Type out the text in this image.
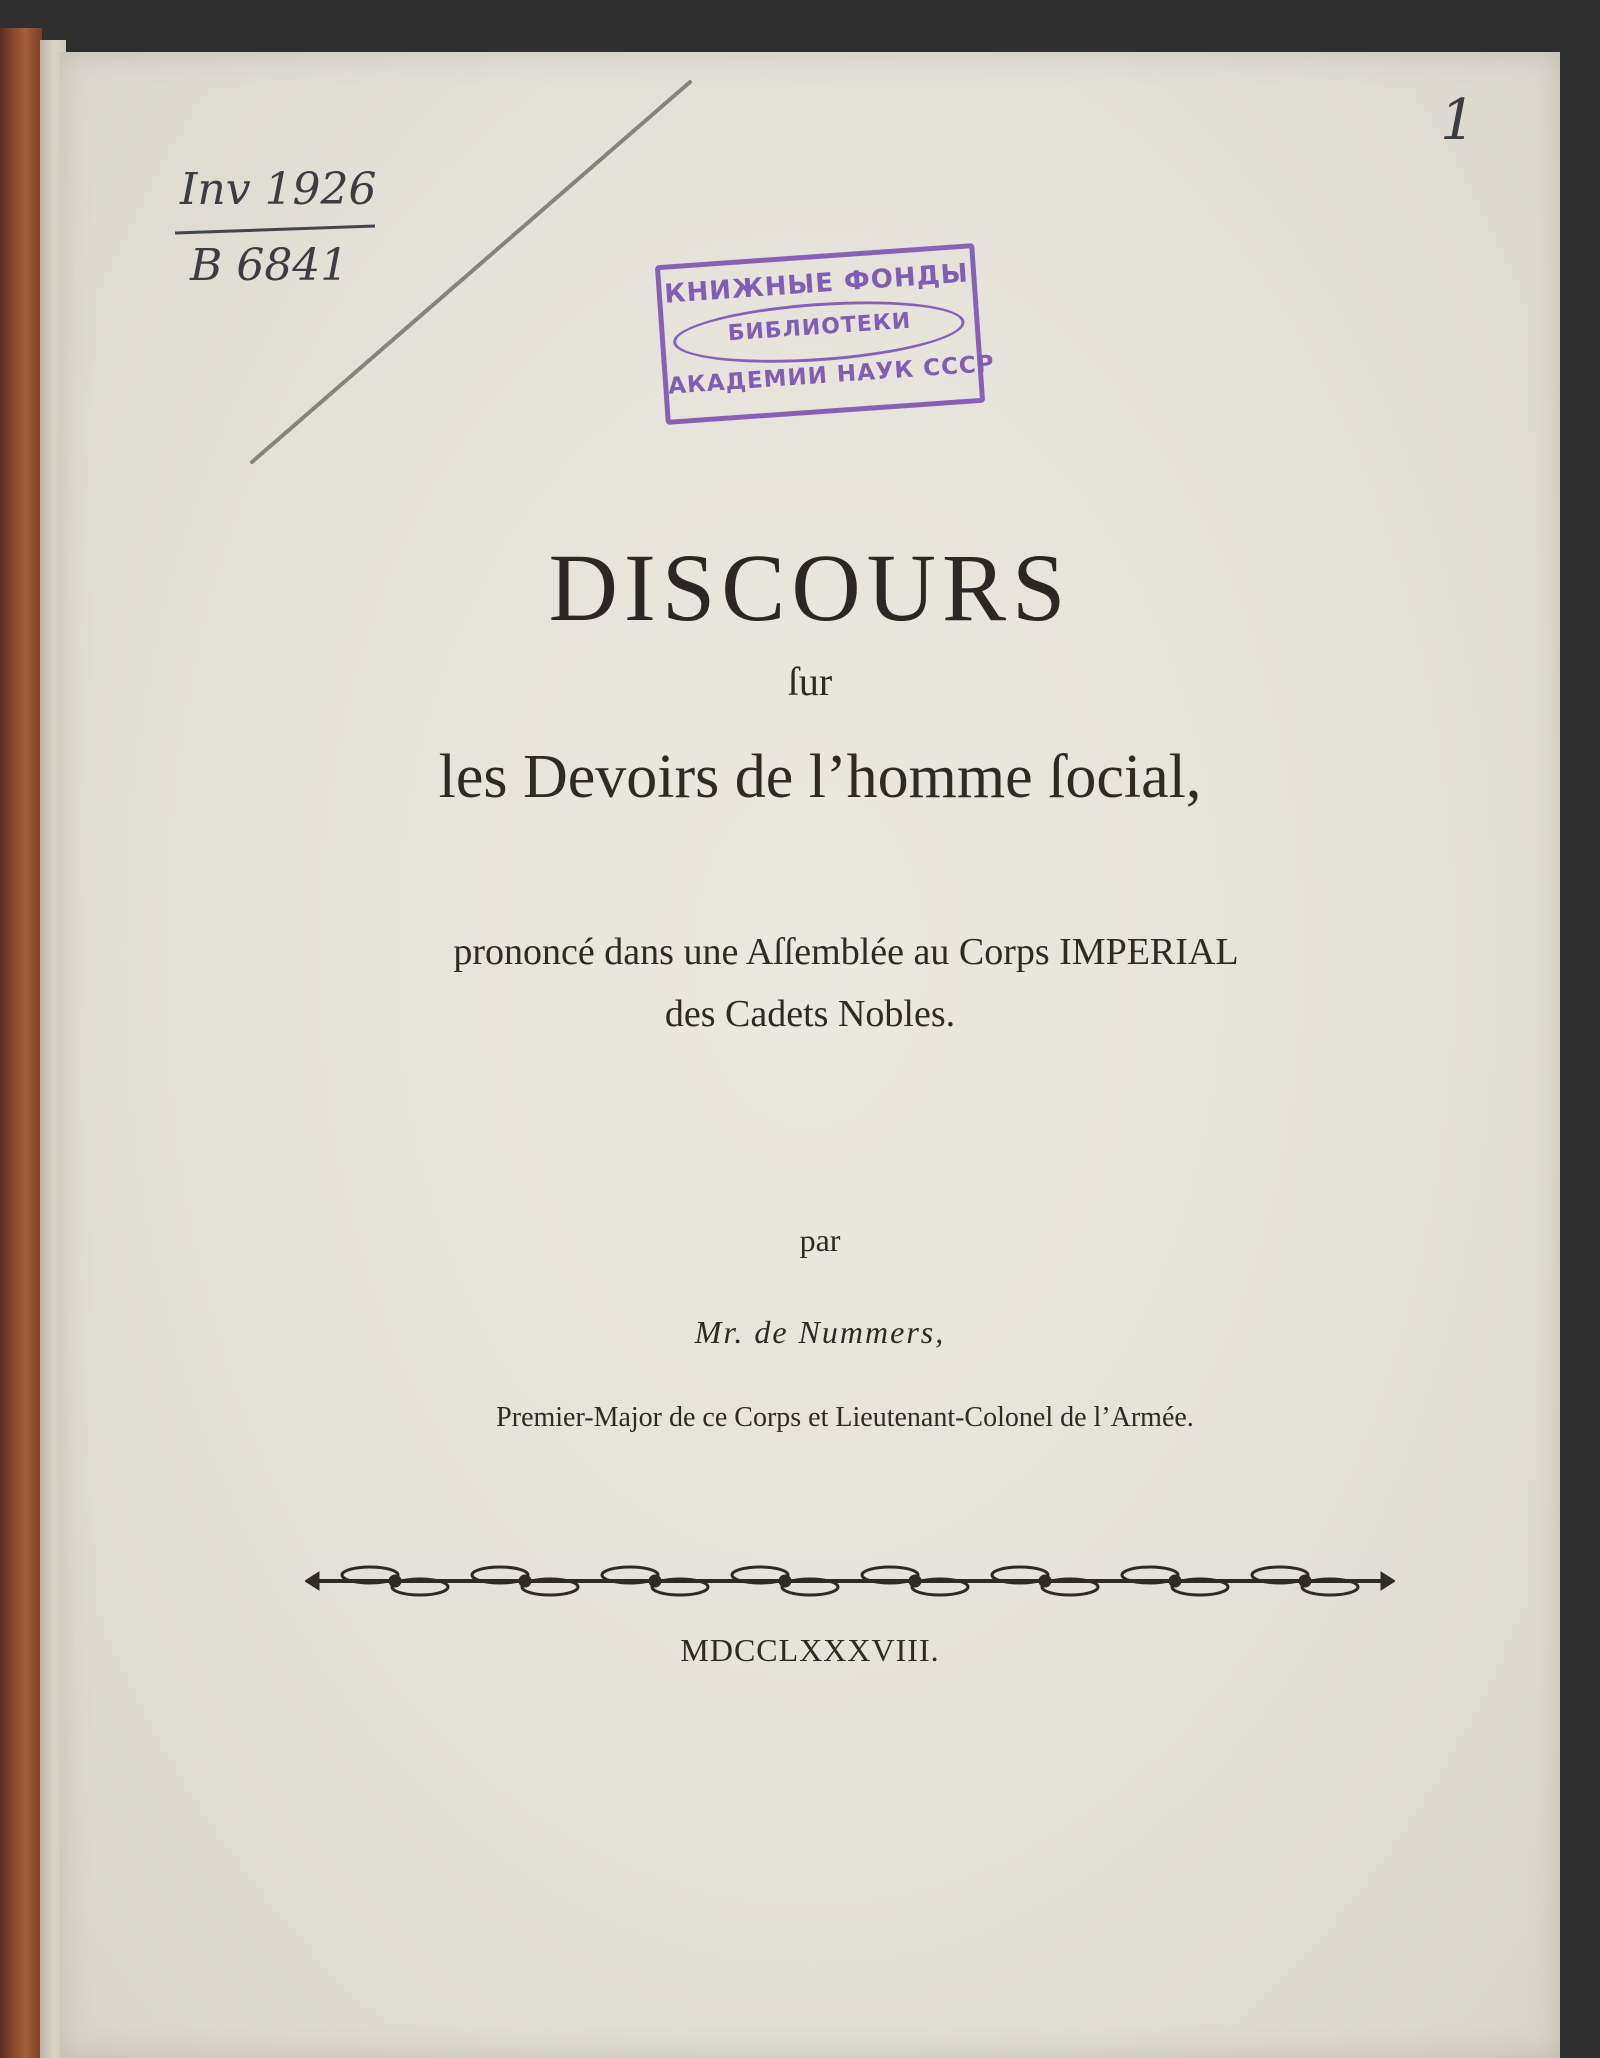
Inv 1926
B 6841
1
КНИЖНЫЕ ФОНДЫ
БИБЛИОТЕКИ
АКАДЕМИИ НАУК СССР
DISCOURS
ſur
les Devoirs de l’homme ſocial,
prononcé dans une Aſſemblée au Corps IMPERIAL
des Cadets Nobles.
par
Mr. de Nummers,
Premier-Major de ce Corps et Lieutenant-Colonel de l’Armée.
MDCCLXXXVIII.
